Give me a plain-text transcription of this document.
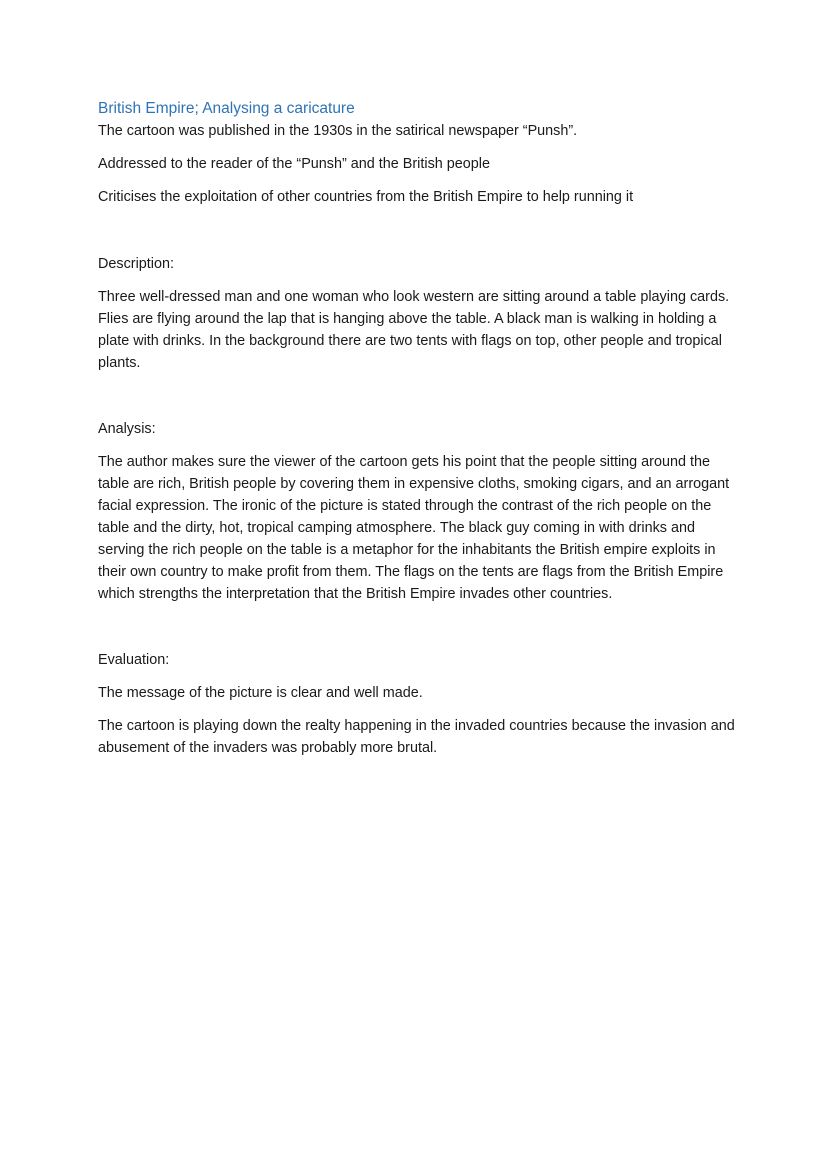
British Empire; Analysing a caricature

The cartoon was published in the 1930s in the satirical newspaper “Punsh”.

Addressed to the reader of the “Punsh” and the British people

Criticises the exploitation of other countries from the British Empire to help running it

Description:

Three well-dressed man and one woman who look western are sitting around a table playing cards. Flies are flying around the lap that is hanging above the table. A black man is walking in holding a plate with drinks. In the background there are two tents with flags on top, other people and tropical plants.

Analysis:

The author makes sure the viewer of the cartoon gets his point that the people sitting around the table are rich, British people by covering them in expensive cloths, smoking cigars, and an arrogant facial expression. The ironic of the picture is stated through the contrast of the rich people on the table and the dirty, hot, tropical camping atmosphere. The black guy coming in with drinks and serving the rich people on the table is a metaphor for the inhabitants the British empire exploits in their own country to make profit from them. The flags on the tents are flags from the British Empire which strengths the interpretation that the British Empire invades other countries.

Evaluation:

The message of the picture is clear and well made.

The cartoon is playing down the realty happening in the invaded countries because the invasion and abusement of the invaders was probably more brutal.
